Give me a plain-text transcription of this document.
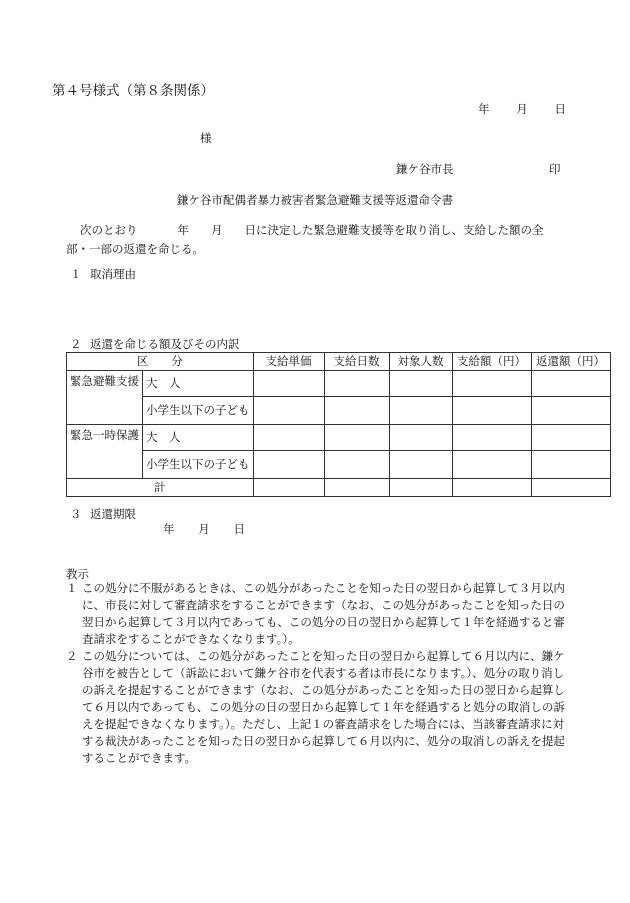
第４号様式（第８条関係）
年 月 日
様
鎌ケ谷市長	印
鎌ケ谷市配偶者暴力被害者緊急避難支援等返還命令書
次のとおり	年 月 日に決定した緊急避難支援等を取り消し、支給した額の全部・一部の返還を命じる。
１ 取消理由
２ 返還を命じる額及びその内訳
区　　分		支給単価	支給日数	対象人数	支給額（円）	返還額（円）
緊急避難支援	大　人					
	小学生以下の子ども					
緊急一時保護	大　人					
	小学生以下の子ども					
計						
３ 返還期限
年 月 日
教示
１ この処分に不服があるときは、この処分があったことを知った日の翌日から起算して３月以内に、市長に対して審査請求をすることができます（なお、この処分があったことを知った日の翌日から起算して３月以内であっても、この処分の日の翌日から起算して１年を経過すると審査請求をすることができなくなります。）。
２ この処分については、この処分があったことを知った日の翌日から起算して６月以内に、鎌ケ谷市を被告として（訴訟において鎌ケ谷市を代表する者は市長になります。）、処分の取り消しの訴えを提起することができます（なお、この処分があったことを知った日の翌日から起算して６月以内であっても、この処分の日の翌日から起算して１年を経過すると処分の取消しの訴えを提起できなくなります。）。ただし、上記１の審査請求をした場合には、当該審査請求に対する裁決があったことを知った日の翌日から起算して６月以内に、処分の取消しの訴えを提起することができます。
